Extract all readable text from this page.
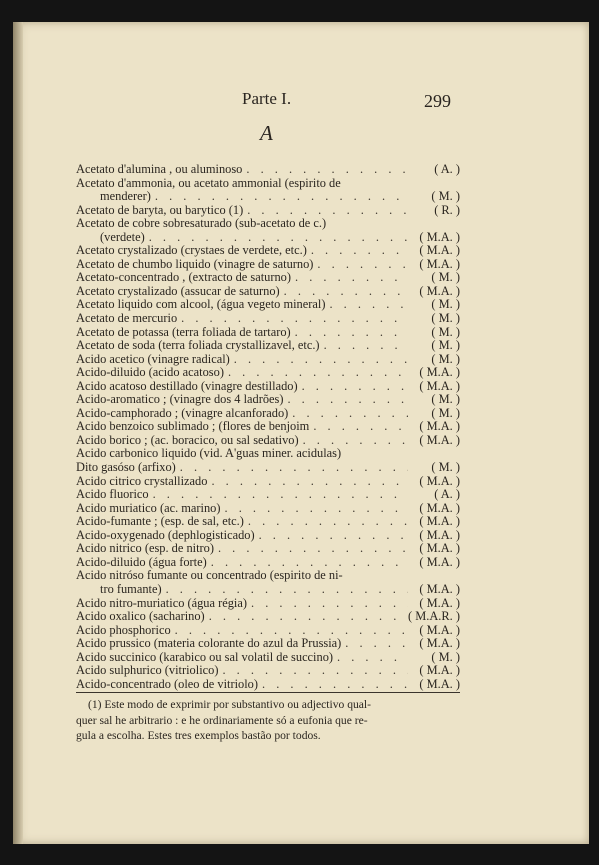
Parte I.	299
A
Acetato d'alumina , ou aluminoso . . .	( A. )
Acetato d'ammonia, ou acetato ammonial (espirito de
menderer) . . .	( M. )
Acetato de baryta, ou barytico (1) . . .	( R. )
Acetato de cobre sobresaturado (sub-acetato de c.)
(verdete) . . .	( M.A. )
Acetato crystalizado (crystaes de verdete, etc.) . . .	( M.A. )
Acetato de chumbo liquido (vinagre de saturno) . . .	( M.A. )
Acetato-concentrado , (extracto de saturno) . . .	( M. )
Acetato crystalizado (assucar de saturno) . . .	( M.A. )
Acetato liquido com alcool, (água vegeto mineral) . . .	( M. )
Acetato de mercurio . . .	( M. )
Acetato de potassa (terra foliada de tartaro) . . .	( M. )
Acetato de soda (terra foliada crystallizavel, etc.) . . .	( M. )
Acido acetico (vinagre radical) . . .	( M. )
Acido-diluido (acido acatoso) . . .	( M.A. )
Acido acatoso destillado (vinagre destillado) . . .	( M.A. )
Acido-aromatico ; (vinagre dos 4 ladrões) . . .	( M. )
Acido-camphorado ; (vinagre alcanforado) . . .	( M. )
Acido benzoico sublimado ; (flores de benjoim . . .	( M.A. )
Acido borico ; (ac. boracico, ou sal sedativo) . . .	( M.A. )
Acido carbonico liquido (vid. A'guas miner. acidulas)
Dito gasóso (arfixo) . . .	( M. )
Acido citrico crystallizado . . .	( M.A. )
Acido fluorico . . .	( A. )
Acido muriatico (ac. marino) . . .	( M.A. )
Acido-fumante ; (esp. de sal, etc.) . . .	( M.A. )
Acido-oxygenado (dephlogisticado) . . .	( M.A. )
Acido nitrico (esp. de nitro) . . .	( M.A. )
Acido-diluido (água forte) . . .	( M.A. )
Acido nitróso fumante ou concentrado (espirito de ni-
tro fumante) . . .	( M.A. )
Acido nitro-muriatico (água régia) . . .	( M.A. )
Acido oxalico (sacharino) . . .	( M.A.R. )
Acido phosphorico . . .	( M.A. )
Acido prussico (materia colorante do azul da Prussia) . . .	( M.A. )
Acido succinico (karabico ou sal volatil de succino) . . .	( M. )
Acido sulphurico (vitriolico) . . .	( M.A. )
Acido-concentrado (oleo de vitriolo) . . .	( M.A. )
(1) Este modo de exprimir por substantivo ou adjectivo qual-
quer sal he arbitrario : e he ordinariamente só a eufonia que re-
gula a escolha. Estes tres exemplos bastão por todos.
